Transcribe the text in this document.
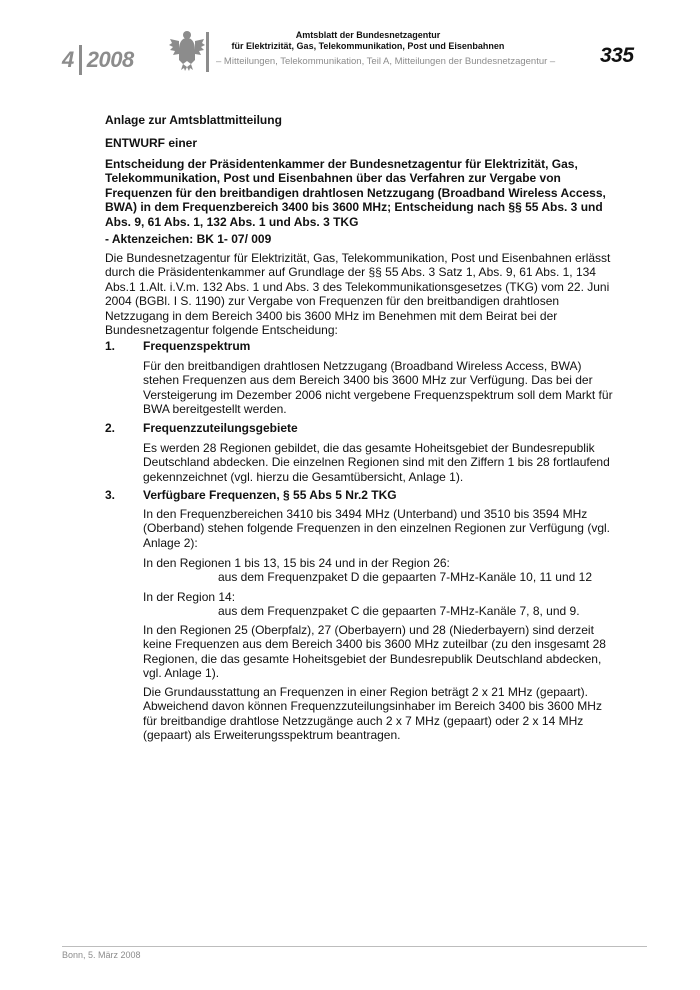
4 2008
Amtsblatt der Bundesnetzagentur
für Elektrizität, Gas, Telekommunikation, Post und Eisenbahnen
– Mitteilungen, Telekommunikation, Teil A, Mitteilungen der Bundesnetzagentur – 335
Anlage zur Amtsblattmitteilung
ENTWURF einer
Entscheidung der Präsidentenkammer der Bundesnetzagentur für Elektrizität, Gas, Telekommunikation, Post und Eisenbahnen über das Verfahren zur Vergabe von Frequenzen für den breitbandigen drahtlosen Netzzugang (Broadband Wireless Access, BWA) in dem Frequenzbereich 3400 bis 3600 MHz; Entscheidung nach §§ 55 Abs. 3 und Abs. 9, 61 Abs. 1, 132 Abs. 1 und Abs. 3 TKG
- Aktenzeichen: BK 1- 07/ 009
Die Bundesnetzagentur für Elektrizität, Gas, Telekommunikation, Post und Eisenbahnen erlässt durch die Präsidentenkammer auf Grundlage der §§ 55 Abs. 3 Satz 1, Abs. 9, 61 Abs. 1, 134 Abs.1 1.Alt. i.V.m. 132 Abs. 1 und Abs. 3 des Telekommunikationsgesetzes (TKG) vom 22. Juni 2004 (BGBl. I S. 1190) zur Vergabe von Frequenzen für den breitbandigen drahtlosen Netzzugang in dem Bereich 3400 bis 3600 MHz im Benehmen mit dem Beirat bei der Bundesnetzagentur folgende Entscheidung:
1. Frequenzspektrum
Für den breitbandigen drahtlosen Netzzugang (Broadband Wireless Access, BWA) stehen Frequenzen aus dem Bereich 3400 bis 3600 MHz zur Verfügung. Das bei der Versteigerung im Dezember 2006 nicht vergebene Frequenzspektrum soll dem Markt für BWA bereitgestellt werden.
2. Frequenzzuteilungsgebiete
Es werden 28 Regionen gebildet, die das gesamte Hoheitsgebiet der Bundesrepublik Deutschland abdecken. Die einzelnen Regionen sind mit den Ziffern 1 bis 28 fortlaufend gekennzeichnet (vgl. hierzu die Gesamtübersicht, Anlage 1).
3. Verfügbare Frequenzen, § 55 Abs 5 Nr.2 TKG
In den Frequenzbereichen 3410 bis 3494 MHz (Unterband) und 3510 bis 3594 MHz (Oberband) stehen folgende Frequenzen in den einzelnen Regionen zur Verfügung (vgl. Anlage 2):
In den Regionen 1 bis 13, 15 bis 24 und in der Region 26:
aus dem Frequenzpaket D die gepaarten 7-MHz-Kanäle 10, 11 und 12
In der Region 14:
aus dem Frequenzpaket C die gepaarten 7-MHz-Kanäle 7, 8, und 9.
In den Regionen 25 (Oberpfalz), 27 (Oberbayern) und 28 (Niederbayern) sind derzeit keine Frequenzen aus dem Bereich 3400 bis 3600 MHz zuteilbar (zu den insgesamt 28 Regionen, die das gesamte Hoheitsgebiet der Bundesrepublik Deutschland abdecken, vgl. Anlage 1).
Die Grundausstattung an Frequenzen in einer Region beträgt 2 x 21 MHz (gepaart). Abweichend davon können Frequenzzuteilungsinhaber im Bereich 3400 bis 3600 MHz für breitbandige drahtlose Netzzugänge auch 2 x 7 MHz (gepaart) oder 2 x 14 MHz (gepaart) als Erweiterungsspektrum beantragen.
Bonn, 5. März 2008
